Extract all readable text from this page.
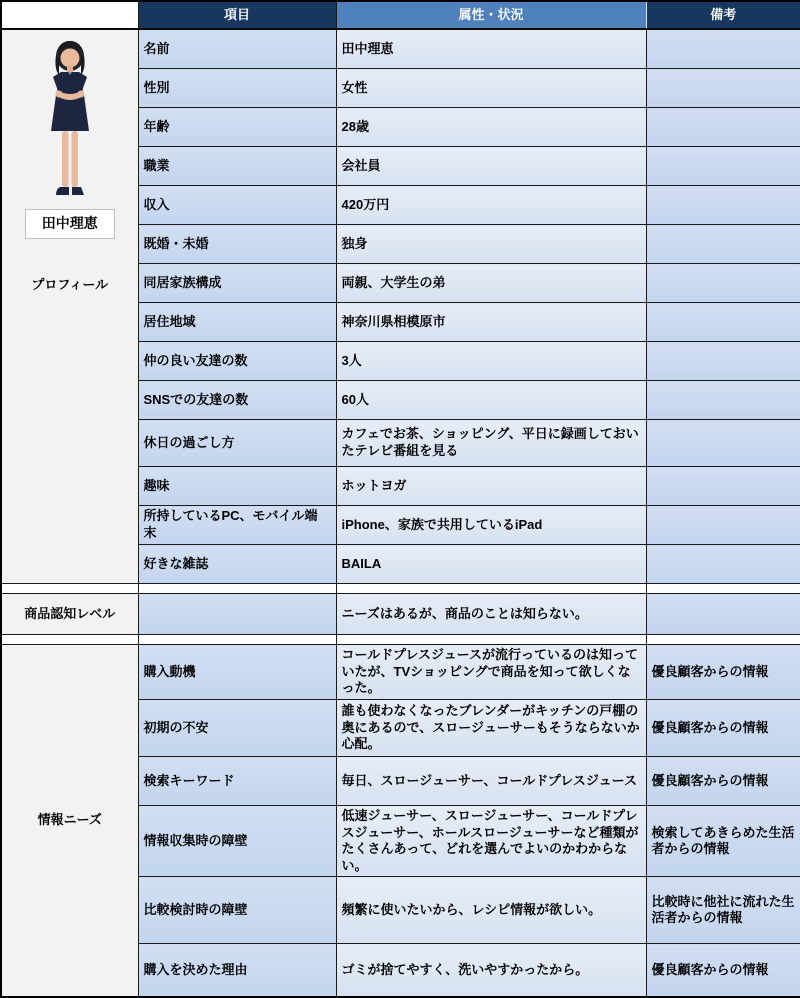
	項目	属性・状況	備考

田中理恵
プロフィール	名前	田中理恵	
	性別	女性	
	年齢	28歳	
	職業	会社員	
	収入	420万円	
	既婚・未婚	独身	
	同居家族構成	両親、大学生の弟	
	居住地域	神奈川県相模原市	
	仲の良い友達の数	3人	
	SNSでの友達の数	60人	
	休日の過ごし方	カフェでお茶、ショッピング、平日に録画しておいたテレビ番組を見る	
	趣味	ホットヨガ	
	所持しているPC、モバイル端末	iPhone、家族で共用しているiPad	
	好きな雑誌	BAILA	

商品認知レベル		ニーズはあるが、商品のことは知らない。	

情報ニーズ	購入動機	コールドプレスジュースが流行っているのは知っていたが、TVショッピングで商品を知って欲しくなった。	優良顧客からの情報
	初期の不安	誰も使わなくなったブレンダーがキッチンの戸棚の奥にあるので、スロージューサーもそうならないか心配。	優良顧客からの情報
	検索キーワード	毎日、スロージューサー、コールドプレスジュース	優良顧客からの情報
	情報収集時の障壁	低速ジューサー、スロージューサー、コールドプレスジューサー、ホールスロージューサーなど種類がたくさんあって、どれを選んでよいのかわからない。	検索してあきらめた生活者からの情報
	比較検討時の障壁	頻繁に使いたいから、レシピ情報が欲しい。	比較時に他社に流れた生活者からの情報
	購入を決めた理由	ゴミが捨てやすく、洗いやすかったから。	優良顧客からの情報
